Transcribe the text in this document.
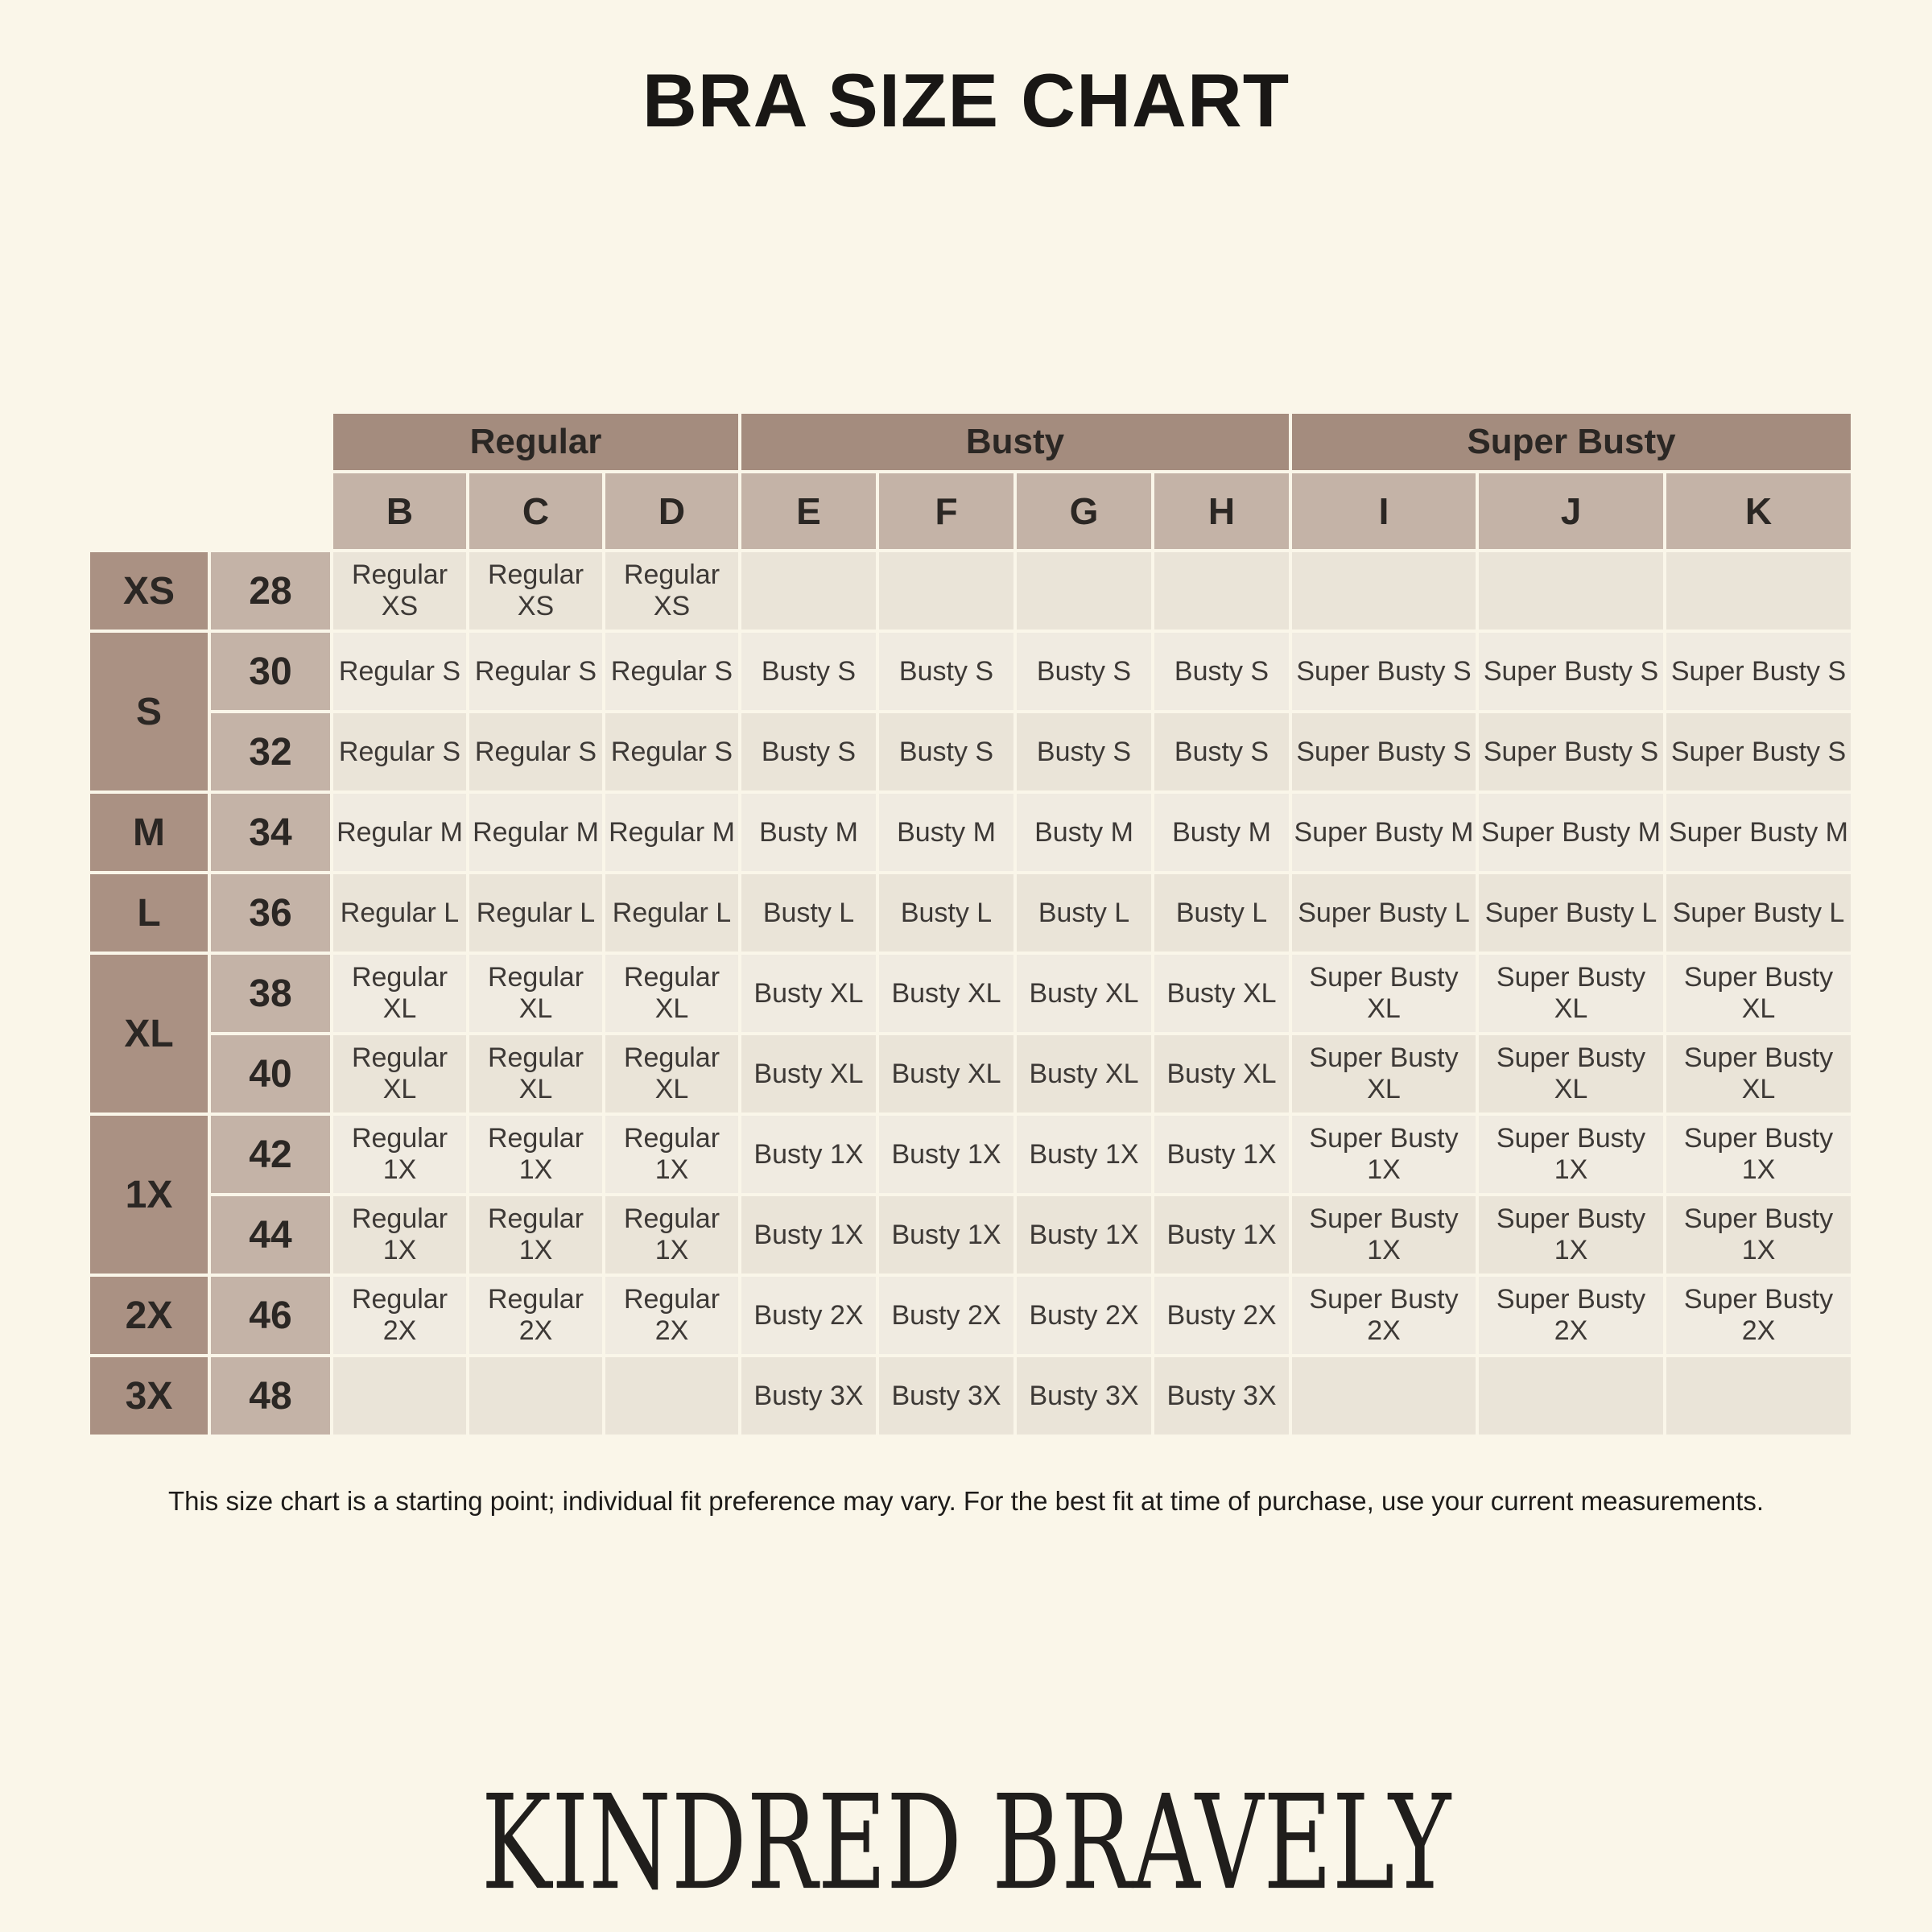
BRA SIZE CHART
		Regular			Busty				Super Busty		
		B	C	D	E	F	G	H	I	J	K
XS	28	Regular XS	Regular XS	Regular XS							
S	30	Regular S	Regular S	Regular S	Busty S	Busty S	Busty S	Busty S	Super Busty S	Super Busty S	Super Busty S
	32	Regular S	Regular S	Regular S	Busty S	Busty S	Busty S	Busty S	Super Busty S	Super Busty S	Super Busty S
M	34	Regular M	Regular M	Regular M	Busty M	Busty M	Busty M	Busty M	Super Busty M	Super Busty M	Super Busty M
L	36	Regular L	Regular L	Regular L	Busty L	Busty L	Busty L	Busty L	Super Busty L	Super Busty L	Super Busty L
XL	38	Regular XL	Regular XL	Regular XL	Busty XL	Busty XL	Busty XL	Busty XL	Super Busty XL	Super Busty XL	Super Busty XL
	40	Regular XL	Regular XL	Regular XL	Busty XL	Busty XL	Busty XL	Busty XL	Super Busty XL	Super Busty XL	Super Busty XL
1X	42	Regular 1X	Regular 1X	Regular 1X	Busty 1X	Busty 1X	Busty 1X	Busty 1X	Super Busty 1X	Super Busty 1X	Super Busty 1X
	44	Regular 1X	Regular 1X	Regular 1X	Busty 1X	Busty 1X	Busty 1X	Busty 1X	Super Busty 1X	Super Busty 1X	Super Busty 1X
2X	46	Regular 2X	Regular 2X	Regular 2X	Busty 2X	Busty 2X	Busty 2X	Busty 2X	Super Busty 2X	Super Busty 2X	Super Busty 2X
3X	48				Busty 3X	Busty 3X	Busty 3X	Busty 3X			
This size chart is a starting point; individual fit preference may vary. For the best fit at time of purchase, use your current measurements.
KINDRED BRAVELY
